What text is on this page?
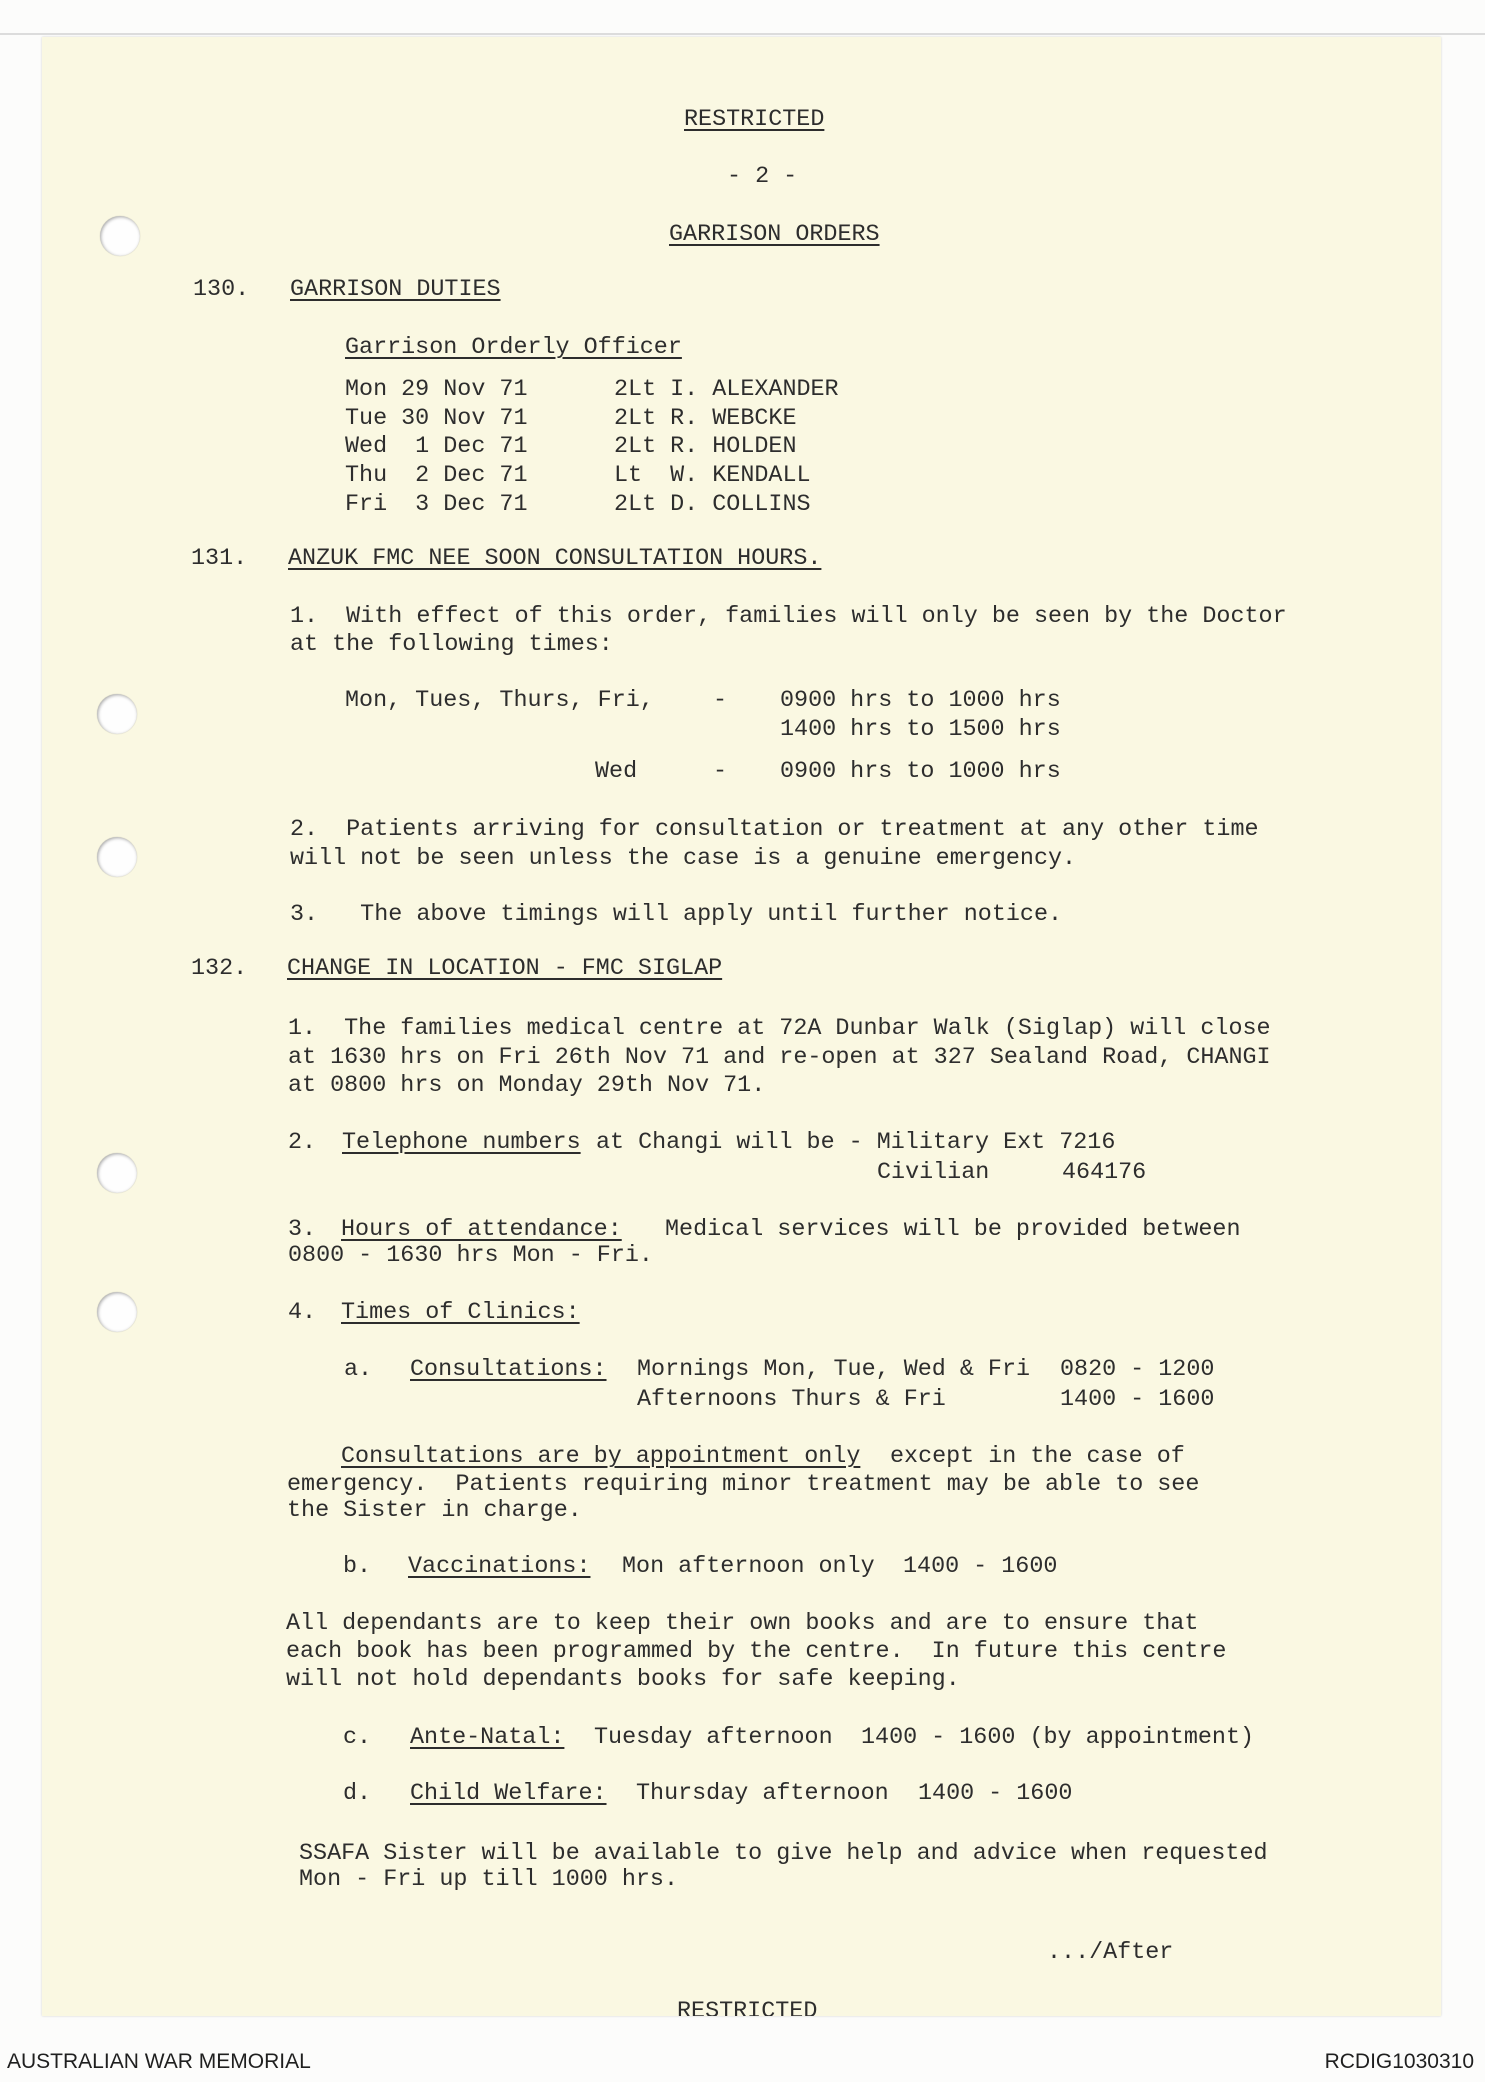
RESTRICTED
- 2 -
GARRISON ORDERS
130. GARRISON DUTIES
Garrison Orderly Officer
Mon 29 Nov 71	2Lt I. ALEXANDER
Tue 30 Nov 71	2Lt R. WEBCKE
Wed  1 Dec 71	2Lt R. HOLDEN
Thu  2 Dec 71	Lt  W. KENDALL
Fri  3 Dec 71	2Lt D. COLLINS
131. ANZUK FMC NEE SOON CONSULTATION HOURS.
1.  With effect of this order, families will only be seen by the Doctor
at the following times:
Mon, Tues, Thurs, Fri,	- 0900 hrs to 1000 hrs
1400 hrs to 1500 hrs
Wed	- 0900 hrs to 1000 hrs
2.  Patients arriving for consultation or treatment at any other time
will not be seen unless the case is a genuine emergency.
3.   The above timings will apply until further notice.
132. CHANGE IN LOCATION - FMC SIGLAP
1.  The families medical centre at 72A Dunbar Walk (Siglap) will close
at 1630 hrs on Fri 26th Nov 71 and re-open at 327 Sealand Road, CHANGI
at 0800 hrs on Monday 29th Nov 71.
2. Telephone numbers at Changi will be - Military Ext 7216
Civilian	464176
3. Hours of attendance: Medical services will be provided between
0800 - 1630 hrs Mon - Fri.
4. Times of Clinics:
a. Consultations: Mornings Mon, Tue, Wed & Fri 0820 - 1200
Afternoons Thurs & Fri	1400 - 1600
Consultations are by appointment only except in the case of
emergency.  Patients requiring minor treatment may be able to see
the Sister in charge.
b. Vaccinations: Mon afternoon only 1400 - 1600
All dependants are to keep their own books and are to ensure that
each book has been programmed by the centre.  In future this centre
will not hold dependants books for safe keeping.
c. Ante-Natal: Tuesday afternoon 1400 - 1600 (by appointment)
d. Child Welfare: Thursday afternoon 1400 - 1600
SSAFA Sister will be available to give help and advice when requested
Mon - Fri up till 1000 hrs.
.../After
RESTRICTED
AUSTRALIAN WAR MEMORIAL	RCDIG1030310
